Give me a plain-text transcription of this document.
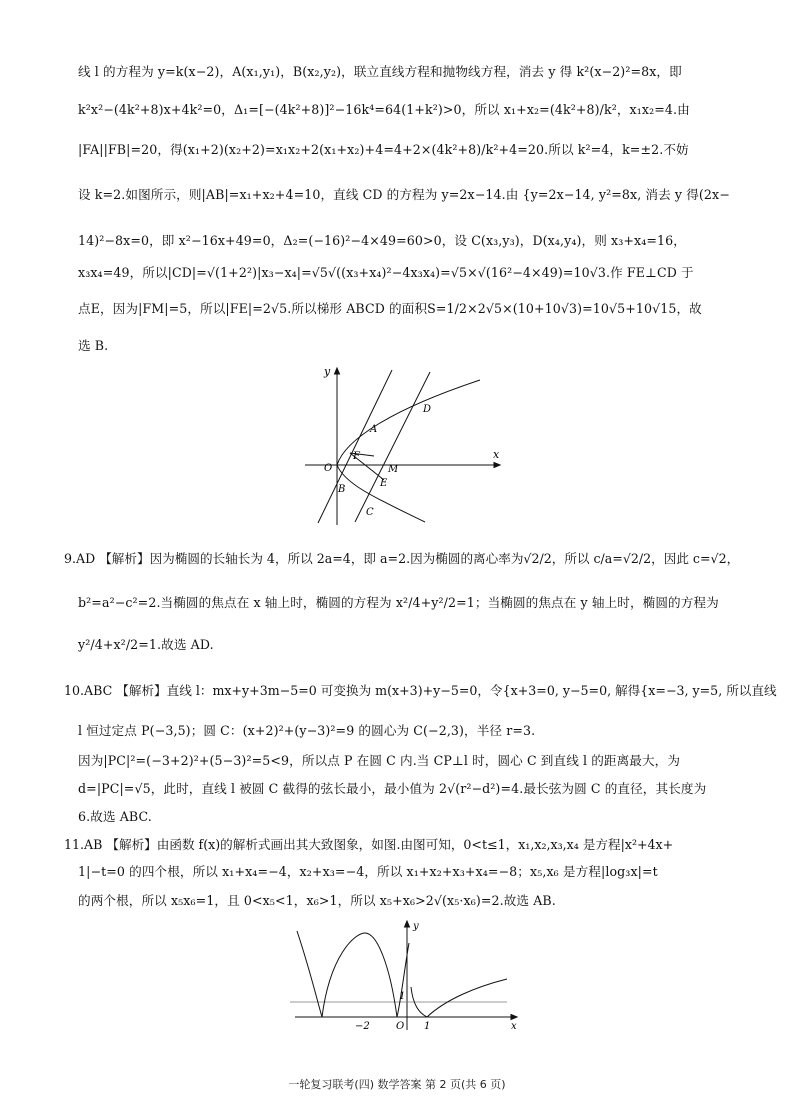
线 l 的方程为 y=k(x−2)，A(x₁,y₁)，B(x₂,y₂)，联立直线方程和抛物线方程，消去 y 得 k²(x−2)²=8x，即
k²x²−(4k²+8)x+4k²=0，Δ₁=[−(4k²+8)]²−16k⁴=64(1+k²)>0，所以 x₁+x₂=(4k²+8)/k²，x₁x₂=4.由
|FA||FB|=20，得(x₁+2)(x₂+2)=x₁x₂+2(x₁+x₂)+4=4+2×(4k²+8)/k²+4=20.所以 k²=4，k=±2.不妨
设 k=2.如图所示，则|AB|=x₁+x₂+4=10，直线 CD 的方程为 y=2x−14.由 {y=2x−14, y²=8x, 消去 y 得(2x−
14)²−8x=0，即 x²−16x+49=0，Δ₂=(−16)²−4×49=60>0，设 C(x₃,y₃)，D(x₄,y₄)，则 x₃+x₄=16，
x₃x₄=49，所以|CD|=√(1+2²)|x₃−x₄|=√5√((x₃+x₄)²−4x₃x₄)=√5×√(16²−4×49)=10√3.作 FE⊥CD 于
点E，因为|FM|=5，所以|FE|=2√5.所以梯形 ABCD 的面积S=1/2×2√5×(10+10√3)=10√5+10√15，故
选 B.
y
x
O
A
B
C
D
E
F
M
9.AD 【解析】因为椭圆的长轴长为 4，所以 2a=4，即 a=2.因为椭圆的离心率为√2/2，所以 c/a=√2/2，因此 c=√2，
b²=a²−c²=2.当椭圆的焦点在 x 轴上时，椭圆的方程为 x²/4+y²/2=1；当椭圆的焦点在 y 轴上时，椭圆的方程为
y²/4+x²/2=1.故选 AD.
10.ABC 【解析】直线 l：mx+y+3m−5=0 可变换为 m(x+3)+y−5=0，令{x+3=0, y−5=0, 解得{x=−3, y=5, 所以直线
l 恒过定点 P(−3,5)；圆 C：(x+2)²+(y−3)²=9 的圆心为 C(−2,3)，半径 r=3.
因为|PC|²=(−3+2)²+(5−3)²=5<9，所以点 P 在圆 C 内.当 CP⊥l 时，圆心 C 到直线 l 的距离最大，为
d=|PC|=√5，此时，直线 l 被圆 C 截得的弦长最小，最小值为 2√(r²−d²)=4.最长弦为圆 C 的直径，其长度为
6.故选 ABC.
11.AB 【解析】由函数 f(x)的解析式画出其大致图象，如图.由图可知，0<t≤1，x₁,x₂,x₃,x₄ 是方程|x²+4x+
1|−t=0 的四个根，所以 x₁+x₄=−4，x₂+x₃=−4，所以 x₁+x₂+x₃+x₄=−8；x₅,x₆ 是方程|log₃x|=t
的两个根，所以 x₅x₆=1，且 0<x₅<1，x₆>1，所以 x₅+x₆>2√(x₅·x₆)=2.故选 AB.
y
x
O
−2	1
1
一轮复习联考(四) 数学答案 第 2 页(共 6 页)
